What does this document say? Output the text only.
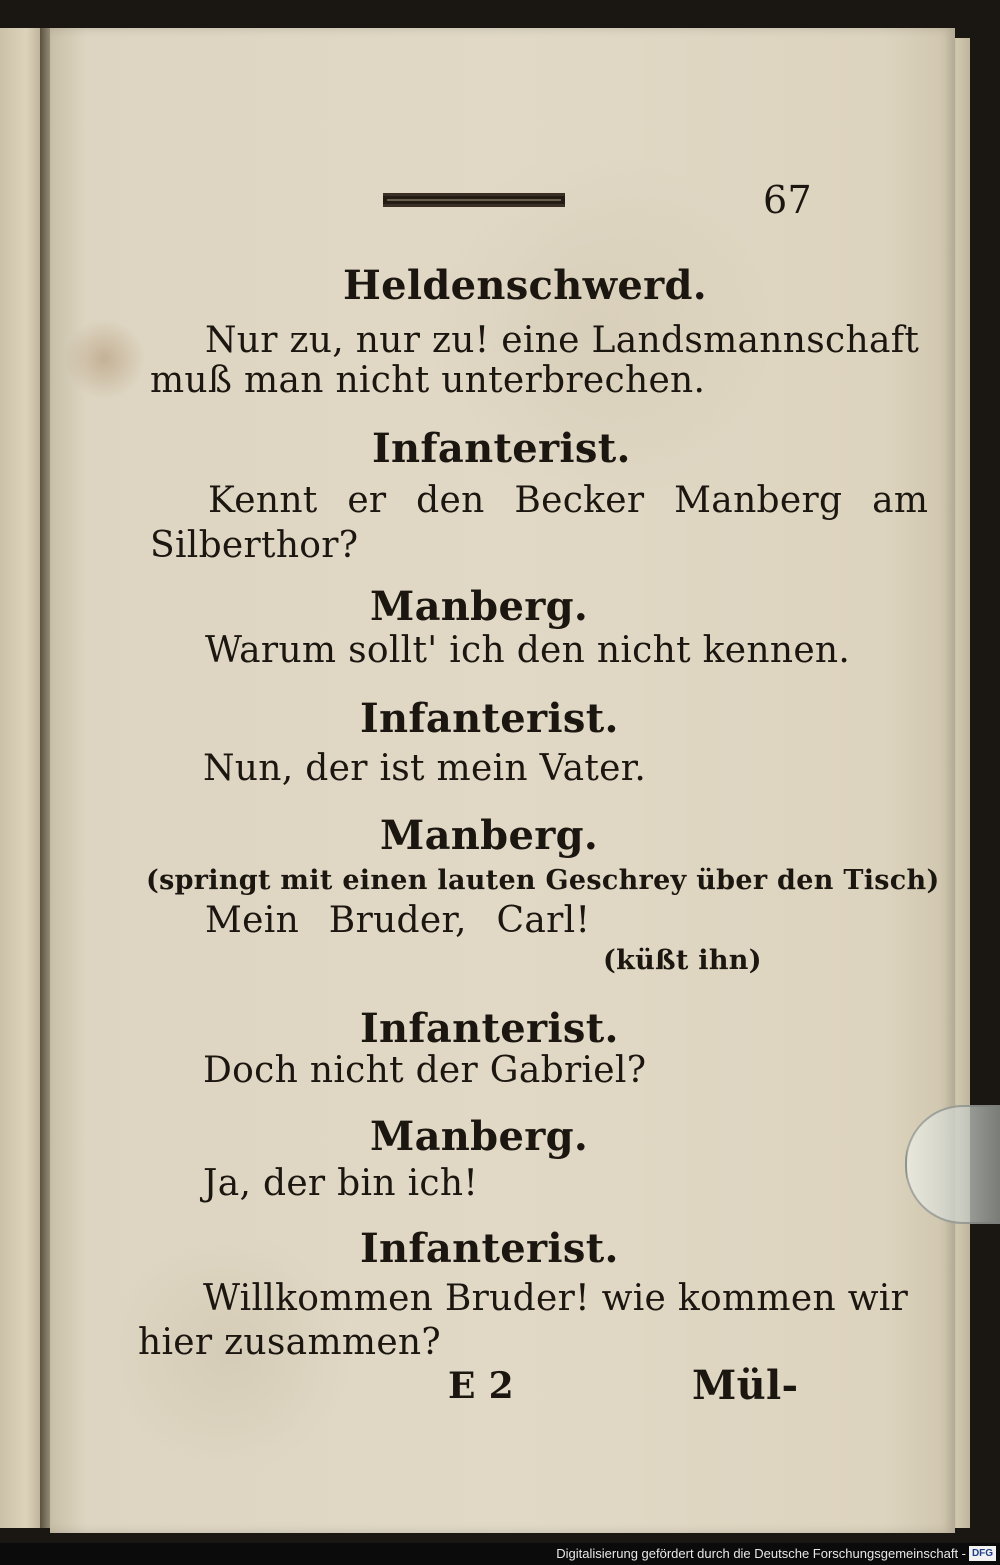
67
Heldenschwerd.
Nur zu, nur zu! eine Landsmannschaft
muß man nicht unterbrechen.
Infanterist.
Kennt er den Becker Manberg am
Silberthor?
Manberg.
Warum sollt' ich den nicht kennen.
Infanterist.
Nun, der ist mein Vater.
Manberg.
(springt mit einen lauten Geschrey über den Tisch)
Mein Bruder, Carl!
(küßt ihn)
Infanterist.
Doch nicht der Gabriel?
Manberg.
Ja, der bin ich!
Infanterist.
Willkommen Bruder! wie kommen wir
hier zusammen?
E 2	Mül-
Digitalisierung gefördert durch die Deutsche Forschungsgemeinschaft - DFG
